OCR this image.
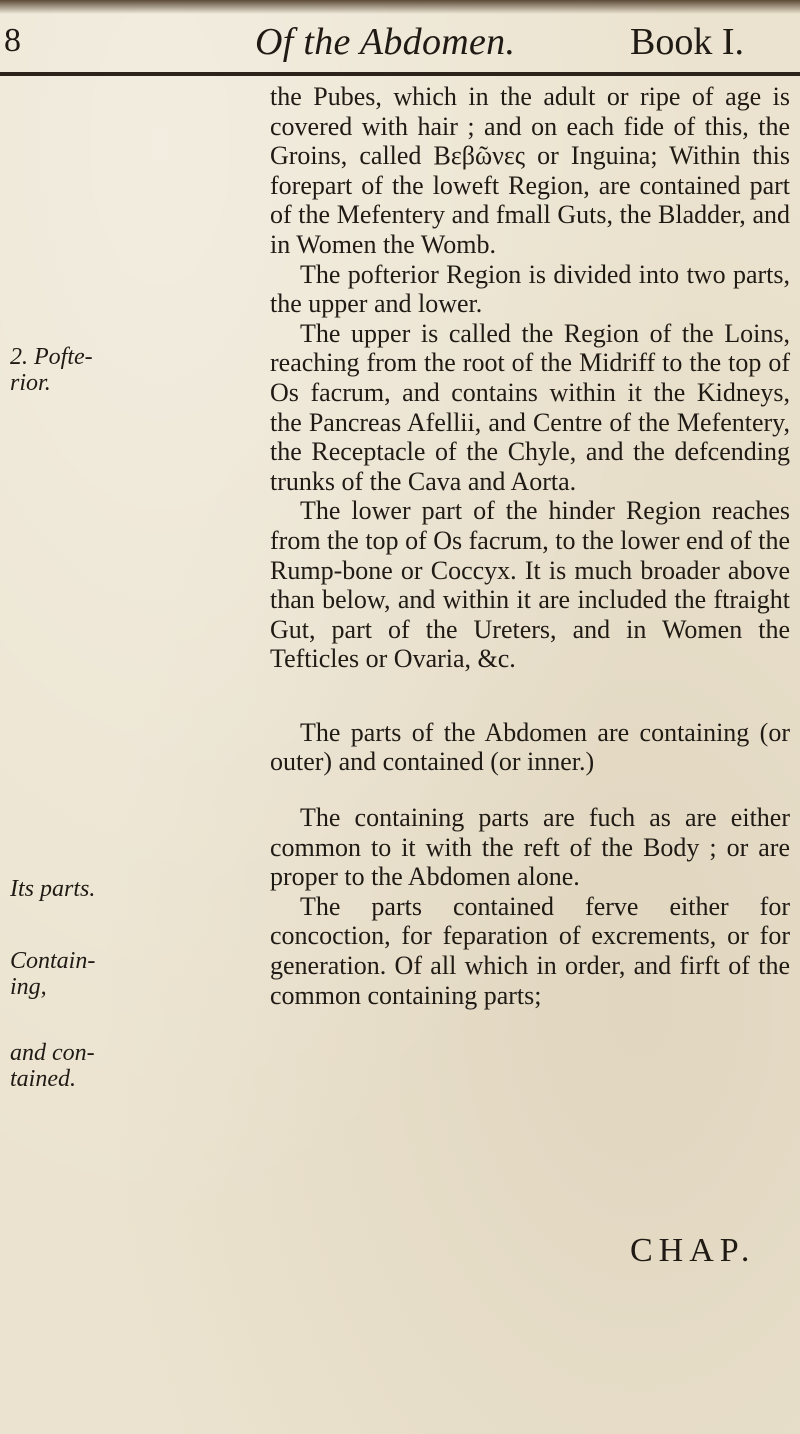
8	Of the Abdomen.	Book I.
2. Pofte-
rior.
Its parts.
Contain-
ing,
and con-
tained.

the Pubes, which in the adult or ripe of age is covered with hair ; and on each fide of this, the Groins, called Βεβῶνες or Inguina; Within this forepart of the loweft Region, are contained part of the Mefentery and fmall Guts, the Bladder, and in Women the Womb.

The pofterior Region is divided into two parts, the upper and lower.

The upper is called the Region of the Loins, reaching from the root of the Midriff to the top of Os facrum, and contains within it the Kidneys, the Pancreas Afellii, and Centre of the Mefentery, the Receptacle of the Chyle, and the defcending trunks of the Cava and Aorta.

The lower part of the hinder Region reaches from the top of Os facrum, to the lower end of the Rump-bone or Coccyx. It is much broader above than below, and within it are included the ftraight Gut, part of the Ureters, and in Women the Tefticles or Ovaria, &c.

The parts of the Abdomen are containing (or outer) and contained (or inner.)

The containing parts are fuch as are either common to it with the reft of the Body ; or are proper to the Abdomen alone.

The parts contained ferve either for concoction, for feparation of excrements, or for generation. Of all which in order, and firft of the common containing parts;

CHAP.
